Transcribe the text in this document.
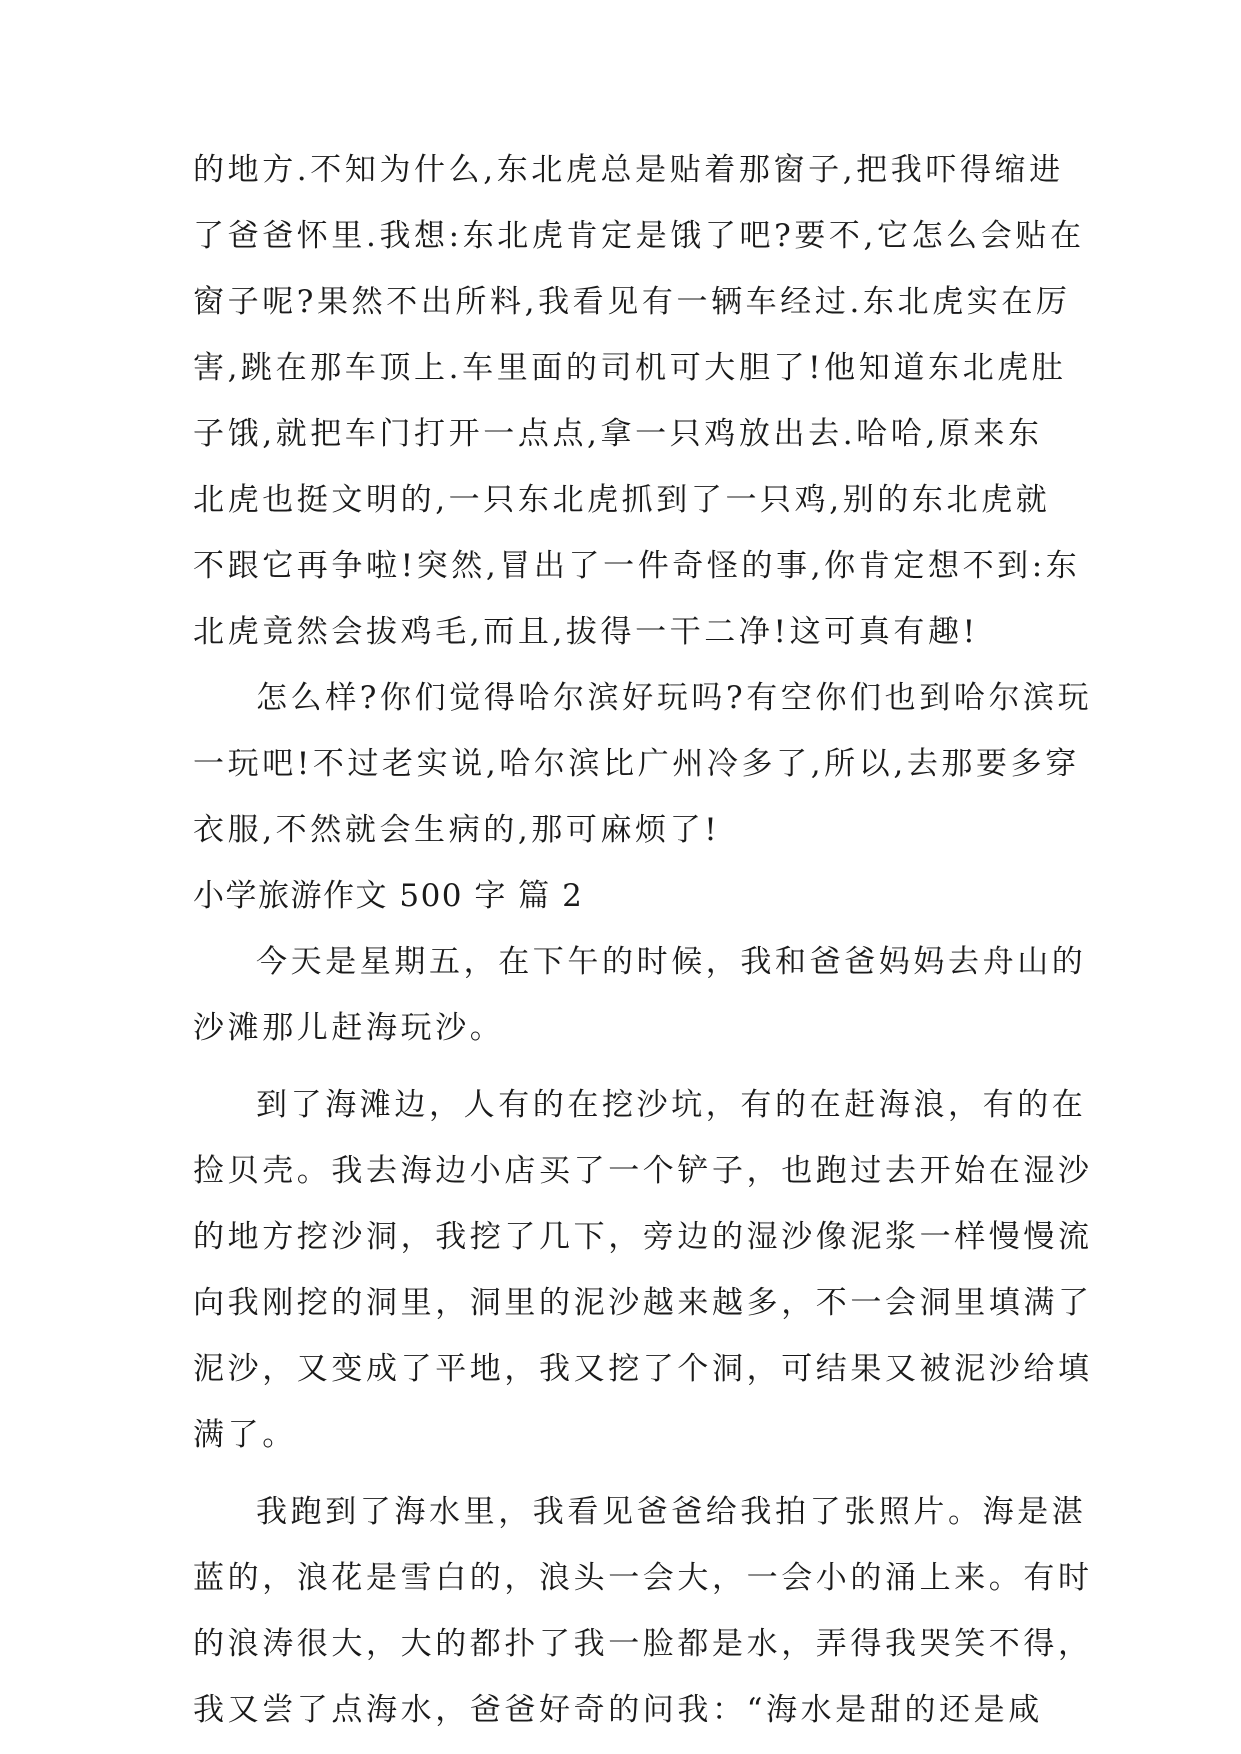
的地方.不知为什么,东北虎总是贴着那窗子,把我吓得缩进
了爸爸怀里.我想:东北虎肯定是饿了吧?要不,它怎么会贴在
窗子呢?果然不出所料,我看见有一辆车经过.东北虎实在厉
害,跳在那车顶上.车里面的司机可大胆了!他知道东北虎肚
子饿,就把车门打开一点点,拿一只鸡放出去.哈哈,原来东
北虎也挺文明的,一只东北虎抓到了一只鸡,别的东北虎就
不跟它再争啦!突然,冒出了一件奇怪的事,你肯定想不到:东
北虎竟然会拔鸡毛,而且,拔得一干二净!这可真有趣!
怎么样?你们觉得哈尔滨好玩吗?有空你们也到哈尔滨玩
一玩吧!不过老实说,哈尔滨比广州冷多了,所以,去那要多穿
衣服,不然就会生病的,那可麻烦了!
小学旅游作文 500 字 篇 2
今天是星期五，在下午的时候，我和爸爸妈妈去舟山的
沙滩那儿赶海玩沙。
到了海滩边，人有的在挖沙坑，有的在赶海浪，有的在
捡贝壳。我去海边小店买了一个铲子，也跑过去开始在湿沙
的地方挖沙洞，我挖了几下，旁边的湿沙像泥浆一样慢慢流
向我刚挖的洞里，洞里的泥沙越来越多，不一会洞里填满了
泥沙，又变成了平地，我又挖了个洞，可结果又被泥沙给填
满了。
我跑到了海水里，我看见爸爸给我拍了张照片。海是湛
蓝的，浪花是雪白的，浪头一会大，一会小的涌上来。有时
的浪涛很大，大的都扑了我一脸都是水，弄得我哭笑不得，
我又尝了点海水，爸爸好奇的问我：“海水是甜的还是咸
